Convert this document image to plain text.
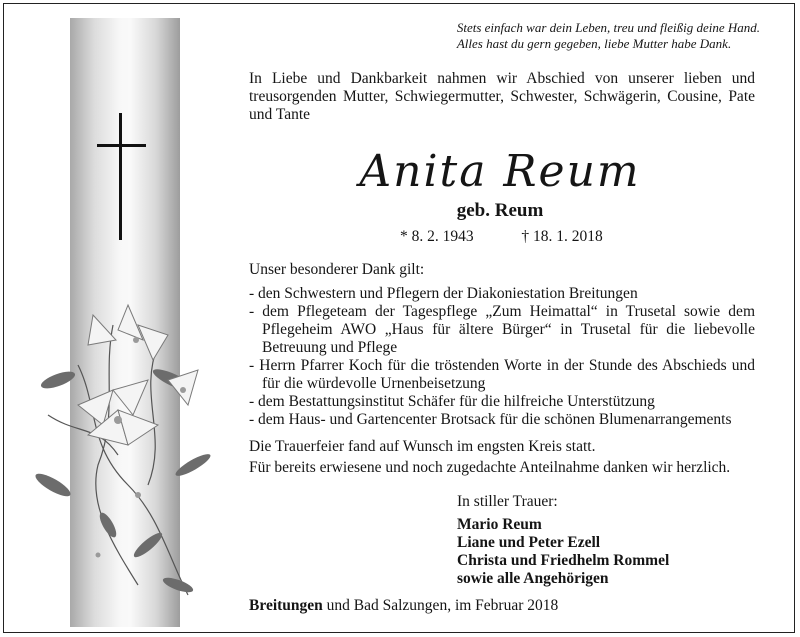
Stets einfach war dein Leben, treu und fleißig deine Hand.
Alles hast du gern gegeben, liebe Mutter habe Dank.
In Liebe und Dankbarkeit nahmen wir Abschied von unserer lieben und treusorgenden Mutter, Schwiegermutter, Schwester, Schwägerin, Cousine, Pate und Tante
Anita Reum
geb. Reum
* 8. 2. 1943	† 18. 1. 2018
Unser besonderer Dank gilt:
- den Schwestern und Pflegern der Diakoniestation Breitungen
- dem Pflegeteam der Tagespflege „Zum Heimattal“ in Trusetal sowie dem Pflegeheim AWO „Haus für ältere Bürger“ in Trusetal für die liebevolle Betreuung und Pflege
- Herrn Pfarrer Koch für die tröstenden Worte in der Stunde des Abschieds und für die würdevolle Urnenbeisetzung
- dem Bestattungsinstitut Schäfer für die hilfreiche Unterstützung
- dem Haus- und Gartencenter Brotsack für die schönen Blumenarrangements
Die Trauerfeier fand auf Wunsch im engsten Kreis statt.
Für bereits erwiesene und noch zugedachte Anteilnahme danken wir herzlich.
In stiller Trauer:
Mario Reum
Liane und Peter Ezell
Christa und Friedhelm Rommel
sowie alle Angehörigen
Breitungen und Bad Salzungen, im Februar 2018
